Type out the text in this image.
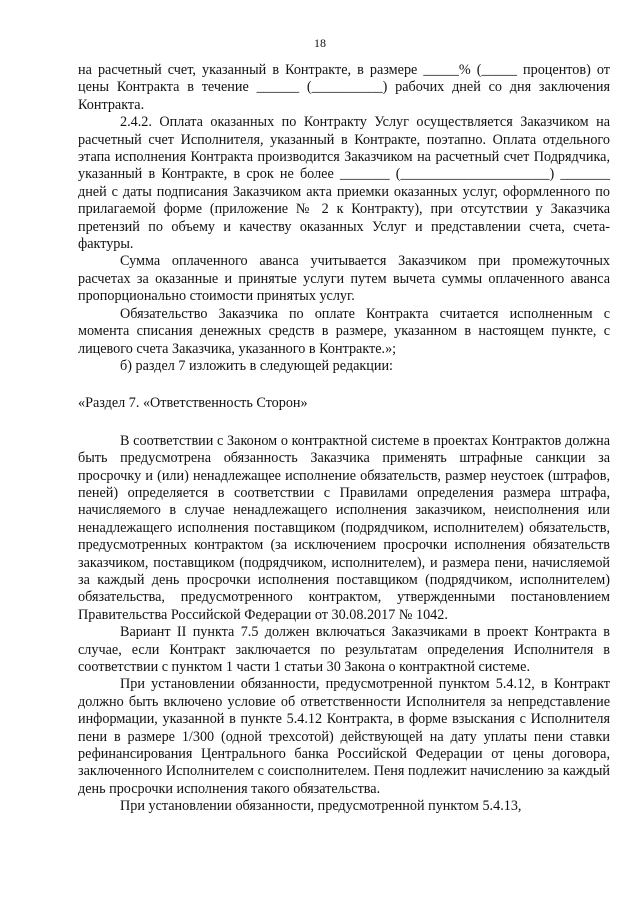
18

на расчетный счет, указанный в Контракте, в размере _____% (_____ процентов) от цены Контракта в течение ______ (__________) рабочих дней со дня заключения Контракта.

2.4.2. Оплата оказанных по Контракту Услуг осуществляется Заказчиком на расчетный счет Исполнителя, указанный в Контракте, поэтапно. Оплата отдельного этапа исполнения Контракта производится Заказчиком на расчетный счет Подрядчика, указанный в Контракте, в срок не более _______ (_____________________) _______ дней с даты подписания Заказчиком акта приемки оказанных услуг, оформленного по прилагаемой форме (приложение № 2 к Контракту), при отсутствии у Заказчика претензий по объему и качеству оказанных Услуг и представлении счета, счета-фактуры.

Сумма оплаченного аванса учитывается Заказчиком при промежуточных расчетах за оказанные и принятые услуги путем вычета суммы оплаченного аванса пропорционально стоимости принятых услуг.

Обязательство Заказчика по оплате Контракта считается исполненным с момента списания денежных средств в размере, указанном в настоящем пункте, с лицевого счета Заказчика, указанного в Контракте.»;

б) раздел 7 изложить в следующей редакции:

«Раздел 7. «Ответственность Сторон»

В соответствии с Законом о контрактной системе в проектах Контрактов должна быть предусмотрена обязанность Заказчика применять штрафные санкции за просрочку и (или) ненадлежащее исполнение обязательств, размер неустоек (штрафов, пеней) определяется в соответствии с Правилами определения размера штрафа, начисляемого в случае ненадлежащего исполнения заказчиком, неисполнения или ненадлежащего исполнения поставщиком (подрядчиком, исполнителем) обязательств, предусмотренных контрактом (за исключением просрочки исполнения обязательств заказчиком, поставщиком (подрядчиком, исполнителем), и размера пени, начисляемой за каждый день просрочки исполнения поставщиком (подрядчиком, исполнителем) обязательства, предусмотренного контрактом, утвержденными постановлением Правительства Российской Федерации от 30.08.2017 № 1042.

Вариант II пункта 7.5 должен включаться Заказчиками в проект Контракта в случае, если Контракт заключается по результатам определения Исполнителя в соответствии с пунктом 1 части 1 статьи 30 Закона о контрактной системе.

При установлении обязанности, предусмотренной пунктом 5.4.12, в Контракт должно быть включено условие об ответственности Исполнителя за непредставление информации, указанной в пункте 5.4.12 Контракта, в форме взыскания с Исполнителя пени в размере 1/300 (одной трехсотой) действующей на дату уплаты пени ставки рефинансирования Центрального банка Российской Федерации от цены договора, заключенного Исполнителем с соисполнителем. Пеня подлежит начислению за каждый день просрочки исполнения такого обязательства.

При установлении обязанности, предусмотренной пунктом 5.4.13,
